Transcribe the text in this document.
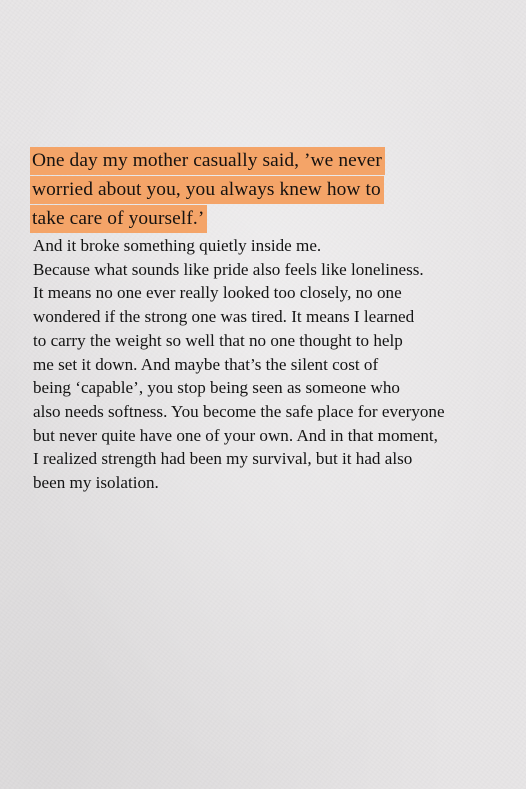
One day my mother casually said, ’we never
worried about you, you always knew how to
take care of yourself.’
And it broke something quietly inside me.
Because what sounds like pride also feels like loneliness.
It means no one ever really looked too closely, no one
wondered if the strong one was tired. It means I learned
to carry the weight so well that no one thought to help
me set it down. And maybe that’s the silent cost of
being ‘capable’, you stop being seen as someone who
also needs softness. You become the safe place for everyone
but never quite have one of your own. And in that moment,
I realized strength had been my survival, but it had also
been my isolation.
